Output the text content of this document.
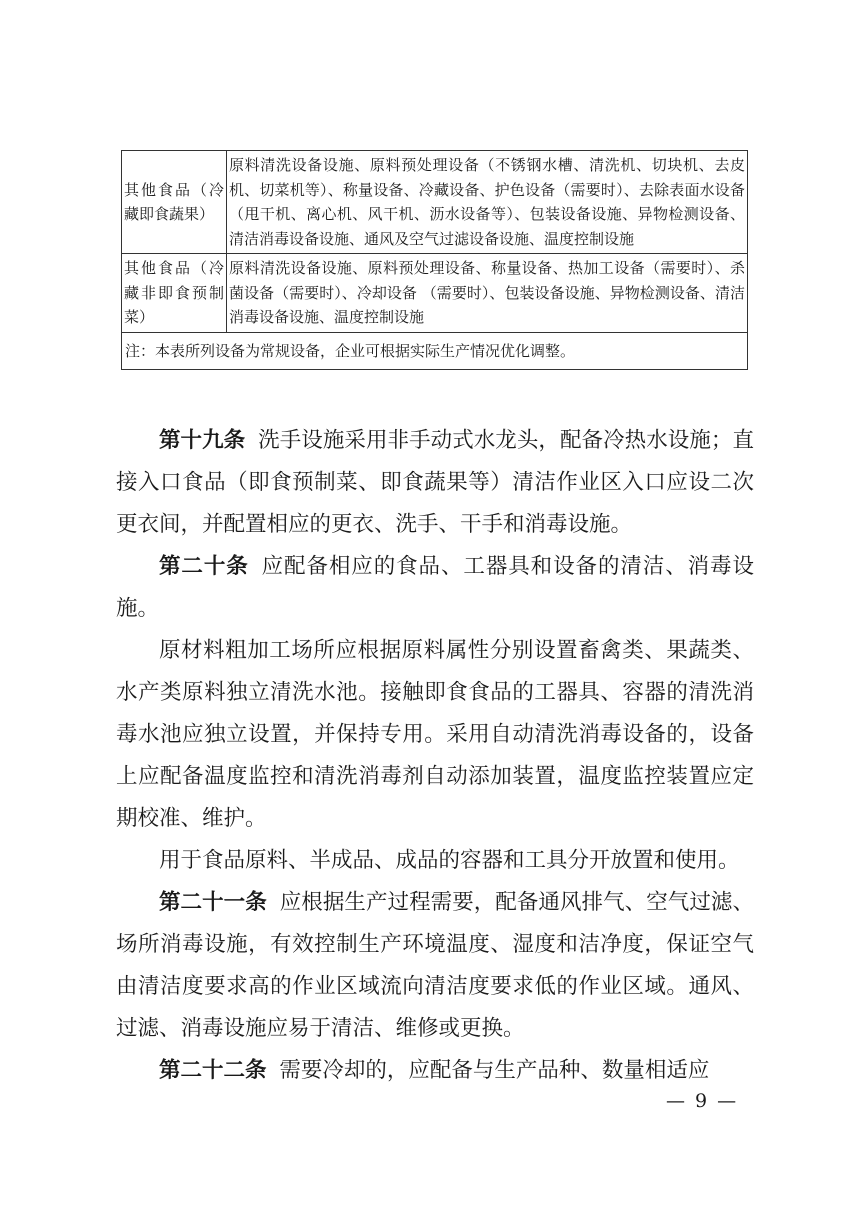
其他食品（冷藏即食蔬果）	原料清洗设备设施、原料预处理设备（不锈钢水槽、清洗机、切块机、去皮机、切菜机等）、称量设备、冷藏设备、护色设备（需要时）、去除表面水设备（甩干机、离心机、风干机、沥水设备等）、包装设备设施、异物检测设备、清洁消毒设备设施、通风及空气过滤设备设施、温度控制设施
其他食品（冷藏非即食预制菜）	原料清洗设备设施、原料预处理设备、称量设备、热加工设备（需要时）、杀菌设备（需要时）、冷却设备 （需要时）、包装设备设施、异物检测设备、清洁消毒设备设施、温度控制设施
注：本表所列设备为常规设备，企业可根据实际生产情况优化调整。	

第十九条 洗手设施采用非手动式水龙头，配备冷热水设施；直接入口食品（即食预制菜、即食蔬果等）清洁作业区入口应设二次更衣间，并配置相应的更衣、洗手、干手和消毒设施。

第二十条 应配备相应的食品、工器具和设备的清洁、消毒设施。

原材料粗加工场所应根据原料属性分别设置畜禽类、果蔬类、水产类原料独立清洗水池。接触即食食品的工器具、容器的清洗消毒水池应独立设置，并保持专用。采用自动清洗消毒设备的，设备上应配备温度监控和清洗消毒剂自动添加装置，温度监控装置应定期校准、维护。

用于食品原料、半成品、成品的容器和工具分开放置和使用。

第二十一条 应根据生产过程需要，配备通风排气、空气过滤、场所消毒设施，有效控制生产环境温度、湿度和洁净度，保证空气由清洁度要求高的作业区域流向清洁度要求低的作业区域。通风、过滤、消毒设施应易于清洁、维修或更换。

第二十二条 需要冷却的，应配备与生产品种、数量相适应

— 9 —
